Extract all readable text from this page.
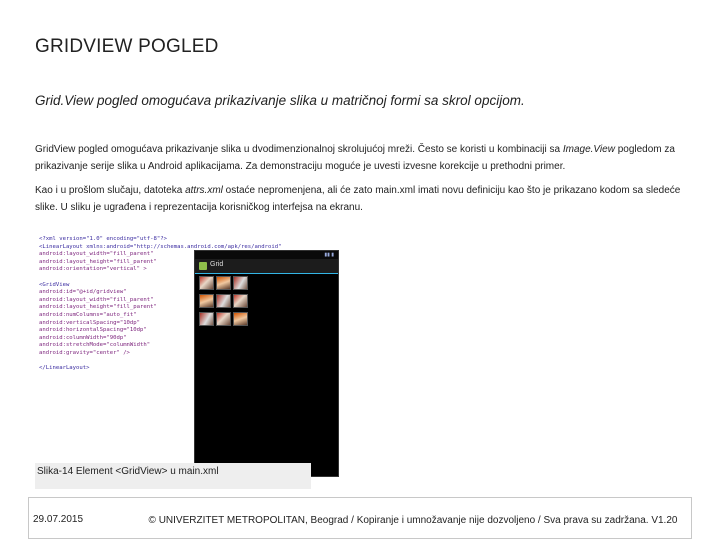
GRIDVIEW POGLED
Grid.View pogled omogućava prikazivanje slika u matričnoj formi sa skrol opcijom.
GridView pogled omogućava prikazivanje slika u dvodimenzionalnoj skrolujućoj mreži. Često se koristi u kombinaciji sa Image.View pogledom za prikazivanje serije slika u Android aplikacijama. Za demonstraciju moguće je uvesti izvesne korekcije u prethodni primer.
Kao i u prošlom slučaju, datoteka attrs.xml ostaće nepromenjena, ali će zato main.xml imati novu definiciju kao što je prikazano kodom sa sledeće slike. U sliku je ugrađena i reprezentacija korisničkog interfejsa na ekranu.
<?xml version="1.0" encoding="utf-8"?>
<LinearLayout xmlns:android="http://schemas.android.com/apk/res/android"
android:layout_width="fill_parent"
android:layout_height="fill_parent"
android:orientation="vertical" >
<GridView
android:id="@+id/gridview"
android:layout_width="fill_parent"
android:layout_height="fill_parent"
android:numColumns="auto_fit"
android:verticalSpacing="10dp"
android:horizontalSpacing="10dp"
android:columnWidth="90dp"
android:stretchMode="columnWidth"
android:gravity="center" />
</LinearLayout>
▮▮ ▮
Grid
Slika-14 Element <GridView> u main.xml
29.07.2015	© UNIVERZITET METROPOLITAN, Beograd / Kopiranje i umnožavanje nije dozvoljeno / Sva prava su zadržana. V1.20
